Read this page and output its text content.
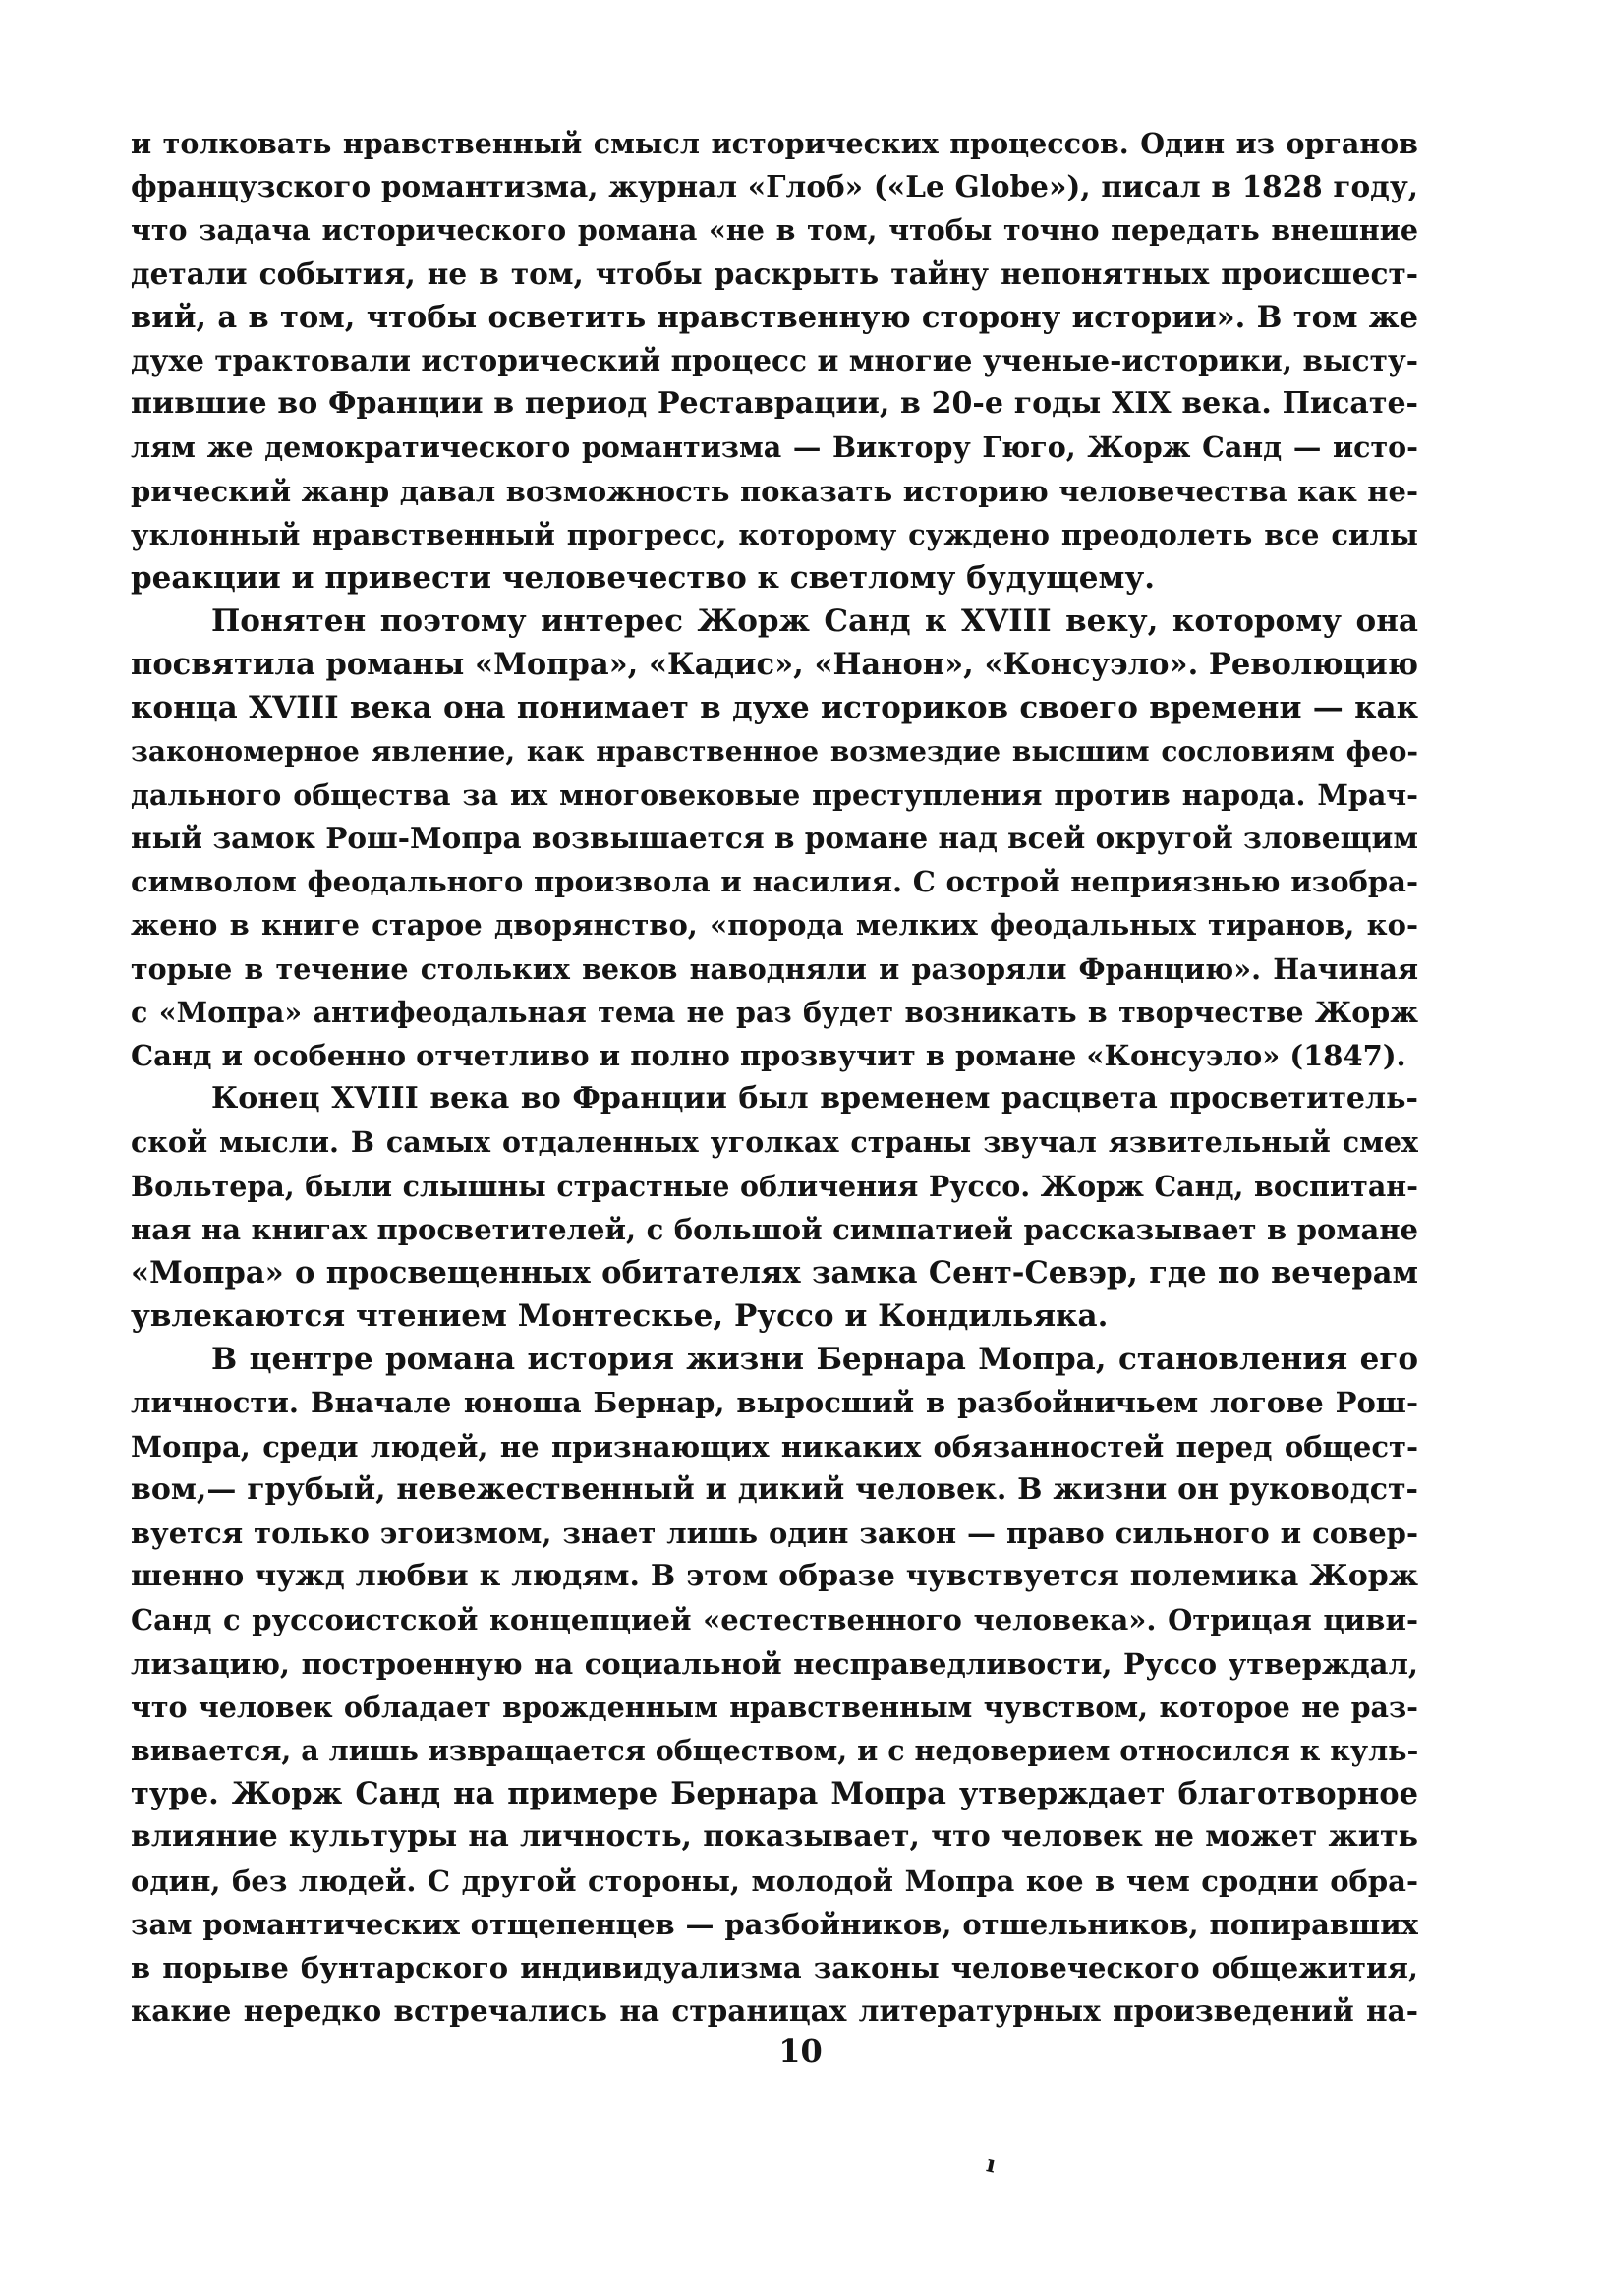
и толковать нравственный смысл исторических процессов. Один из органов
французского романтизма, журнал «Глоб» («Le Globe»), писал в 1828 году,
что задача исторического романа «не в том, чтобы точно передать внешние
детали события, не в том, чтобы раскрыть тайну непонятных происшест-
вий, а в том, чтобы осветить нравственную сторону истории». В том же
духе трактовали исторический процесс и многие ученые-историки, высту-
пившие во Франции в период Реставрации, в 20-е годы XIX века. Писате-
лям же демократического романтизма — Виктору Гюго, Жорж Санд — исто-
рический жанр давал возможность показать историю человечества как не-
уклонный нравственный прогресс, которому суждено преодолеть все силы
реакции и привести человечество к светлому будущему.
Понятен поэтому интерес Жорж Санд к XVIII веку, которому она
посвятила романы «Мопра», «Кадис», «Нанон», «Консуэло». Революцию
конца XVIII века она понимает в духе историков своего времени — как
закономерное явление, как нравственное возмездие высшим сословиям фео-
дального общества за их многовековые преступления против народа. Мрач-
ный замок Рош-Мопра возвышается в романе над всей округой зловещим
символом феодального произвола и насилия. С острой неприязнью изобра-
жено в книге старое дворянство, «порода мелких феодальных тиранов, ко-
торые в течение стольких веков наводняли и разоряли Францию». Начиная
с «Мопра» антифеодальная тема не раз будет возникать в творчестве Жорж
Санд и особенно отчетливо и полно прозвучит в романе «Консуэло» (1847).
Конец XVIII века во Франции был временем расцвета просветитель-
ской мысли. В самых отдаленных уголках страны звучал язвительный смех
Вольтера, были слышны страстные обличения Руссо. Жорж Санд, воспитан-
ная на книгах просветителей, с большой симпатией рассказывает в романе
«Мопра» о просвещенных обитателях замка Сент-Севэр, где по вечерам
увлекаются чтением Монтескье, Руссо и Кондильяка.
В центре романа история жизни Бернара Мопра, становления его
личности. Вначале юноша Бернар, выросший в разбойничьем логове Рош-
Мопра, среди людей, не признающих никаких обязанностей перед общест-
вом,— грубый, невежественный и дикий человек. В жизни он руководст-
вуется только эгоизмом, знает лишь один закон — право сильного и совер-
шенно чужд любви к людям. В этом образе чувствуется полемика Жорж
Санд с руссоистской концепцией «естественного человека». Отрицая циви-
лизацию, построенную на социальной несправедливости, Руссо утверждал,
что человек обладает врожденным нравственным чувством, которое не раз-
вивается, а лишь извращается обществом, и с недоверием относился к куль-
туре. Жорж Санд на примере Бернара Мопра утверждает благотворное
влияние культуры на личность, показывает, что человек не может жить
один, без людей. С другой стороны, молодой Мопра кое в чем сродни обра-
зам романтических отщепенцев — разбойников, отшельников, попиравших
в порыве бунтарского индивидуализма законы человеческого общежития,
какие нередко встречались на страницах литературных произведений на-
10
ı
